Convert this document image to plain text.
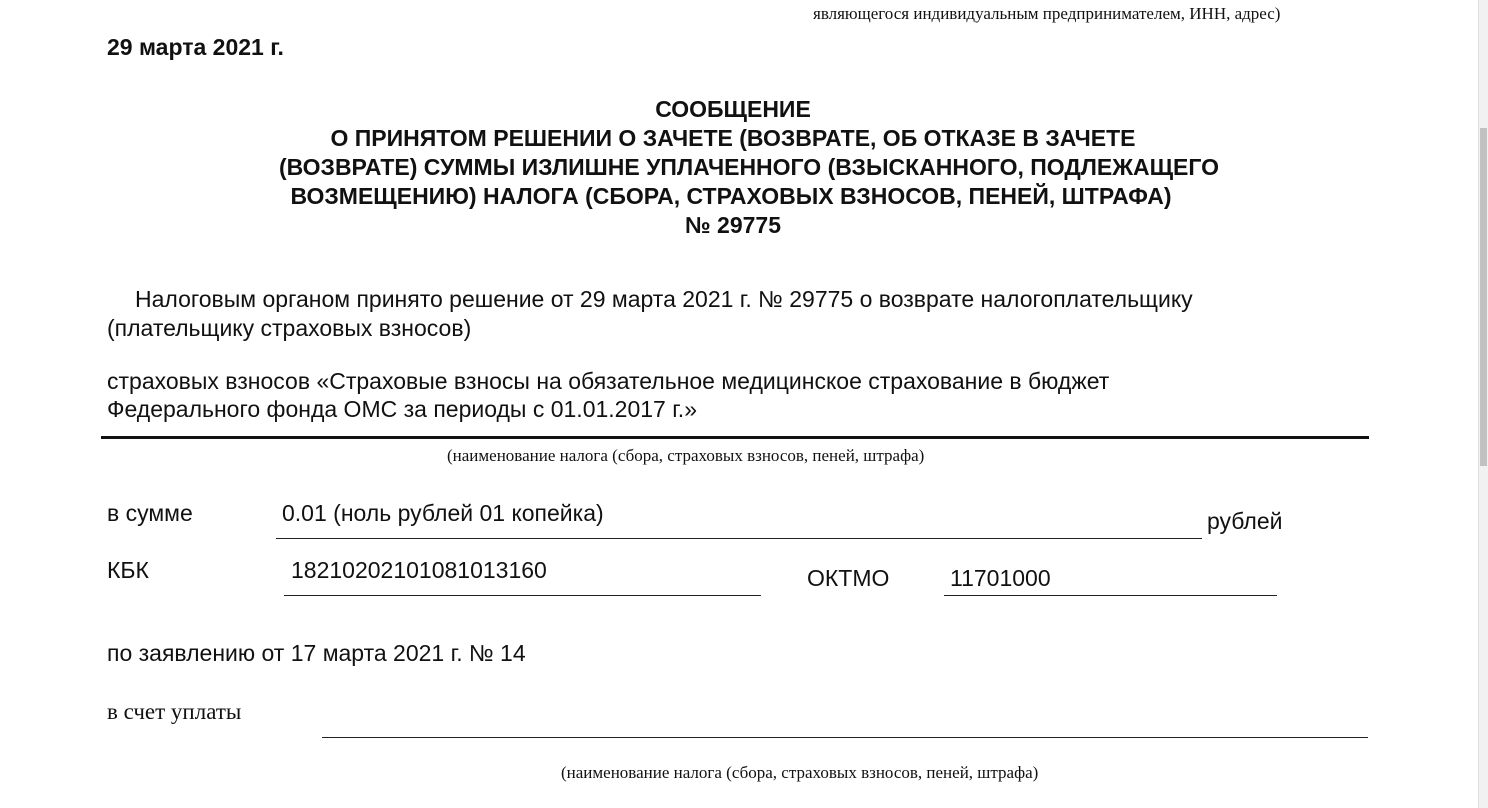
являющегося индивидуальным предпринимателем, ИНН, адрес)
29 марта 2021 г.
СООБЩЕНИЕ
О ПРИНЯТОМ РЕШЕНИИ О ЗАЧЕТЕ (ВОЗВРАТЕ, ОБ ОТКАЗЕ В ЗАЧЕТЕ
(ВОЗВРАТЕ) СУММЫ ИЗЛИШНЕ УПЛАЧЕННОГО (ВЗЫСКАННОГО, ПОДЛЕЖАЩЕГО
ВОЗМЕЩЕНИЮ) НАЛОГА (СБОРА, СТРАХОВЫХ ВЗНОСОВ, ПЕНЕЙ, ШТРАФА)
№ 29775
Налоговым органом принято решение от 29 марта 2021 г. № 29775 о возврате налогоплательщику
(плательщику страховых взносов)
страховых взносов «Страховые взносы на обязательное медицинское страхование в бюджет
Федерального фонда ОМС за периоды с 01.01.2017 г.»
(наименование налога (сбора, страховых взносов, пеней, штрафа)
в сумме	0.01 (ноль рублей 01 копейка)	рублей
КБК	18210202101081013160	ОКТМО	11701000
по заявлению от 17 марта 2021 г. № 14
в счет уплаты
(наименование налога (сбора, страховых взносов, пеней, штрафа)
